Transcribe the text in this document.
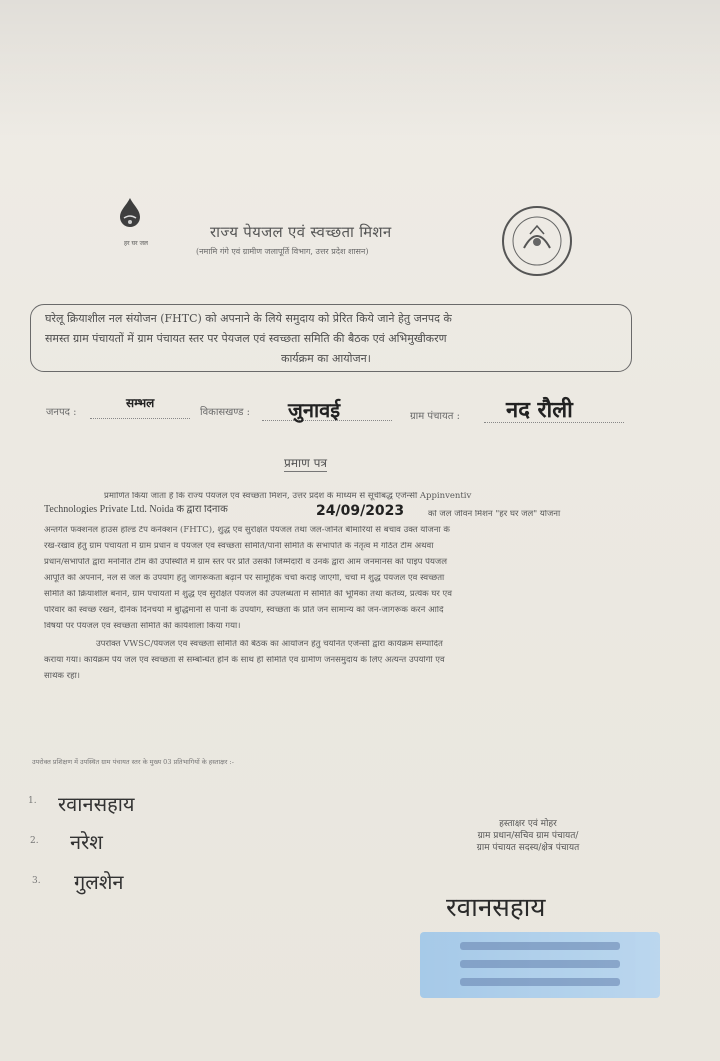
हर घर जल
राज्य पेयजल एवं स्वच्छता मिशन
(नमामि गंगे एवं ग्रामीण जलापूर्ति विभाग, उत्तर प्रदेश शासन)
घरेलू क्रियाशील नल संयोजन (FHTC) को अपनाने के लिये समुदाय को प्रेरित किये जाने हेतु जनपद के
समस्त ग्राम पंचायतों में ग्राम पंचायत स्तर पर पेयजल एवं स्वच्छता समिति की बैठक एवं अभिमुखीकरण
कार्यक्रम का आयोजन।
जनपद :
सम्भल
विकासखण्ड : जुनावई	ग्राम पंचायत : नद रौली
प्रमाण पत्र
प्रमाणित किया जाता है कि राज्य पेयजल एवं स्वच्छता मिशन, उत्तर प्रदेश के माध्यम से सूचीबद्ध एजेन्सी Appinventiv
Technologies Private Ltd. Noida के द्वारा दिनांक	24/09/2023	को जल जीवन मिशन "हर घर जल" योजना
अन्तर्गत फंक्शनल हाउस होल्ड टैप कनेक्शन (FHTC), शुद्ध एवं सुरक्षित पेयजल तथा जल-जनित बीमारियों से बचाव उक्त योजना के
रख-रखाव हेतु ग्राम पंचायतों में ग्राम प्रधान व पेयजल एवं स्वच्छता समिति/पानी समिति के सभापति के नेतृत्व में गठित टीम अथवा
प्रधान/सभापति द्वारा मनोनीत टीम की उपस्थिति में ग्राम स्तर पर प्रति उसकी जिम्मेदारी व उनके द्वारा आम जनमानस को पाइप पेयजल
आपूर्ति को अपनाने, नल से जल के उपयोग हेतु जागरूकता बढ़ाने पर सामूहिक चर्चा कराई जाएगी, चर्चा में शुद्ध पेयजल एवं स्वच्छता
समिति को क्रियाशील बनाने, ग्राम पंचायतों में शुद्ध एवं सुरक्षित पेयजल की उपलब्धता में समिति की भूमिका तथा कर्तव्य, प्रत्येक घर एवं
परिवार को स्वच्छ रखने, दैनिक दिनचर्या में बुद्धिमानी से पानी के उपयोग, स्वच्छता के प्रति जन सामान्य को जन-जागरूक करने आदि
विषयों पर पेयजल एवं स्वच्छता समिति की कार्यशाला किया गया।
उपरोक्त VWSC/पेयजल एवं स्वच्छता समिति की बैठक का आयोजन हेतु चयनित एजेन्सी द्वारा कार्यक्रम सम्पादित
कराया गया। कार्यक्रम पेय जल एवं स्वच्छता से सम्बन्धित होने के साथ ही समिति एवं ग्रामीण जनसमुदाय के लिए अत्यन्त उपयोगी एवं
सार्थक रहा।
उपरोक्त प्रशिक्षण में उपस्थित ग्राम पंचायत स्तर के मुख्य 03 प्रतिभागियों के हस्ताक्षर :-
1. रवानसहाय
2. नरेश
3. गुलशेन
हस्ताक्षर एवं मोहर
ग्राम प्रधान/सचिव ग्राम पंचायत/
ग्राम पंचायत सदस्य/क्षेत्र पंचायत
रवानसहाय
